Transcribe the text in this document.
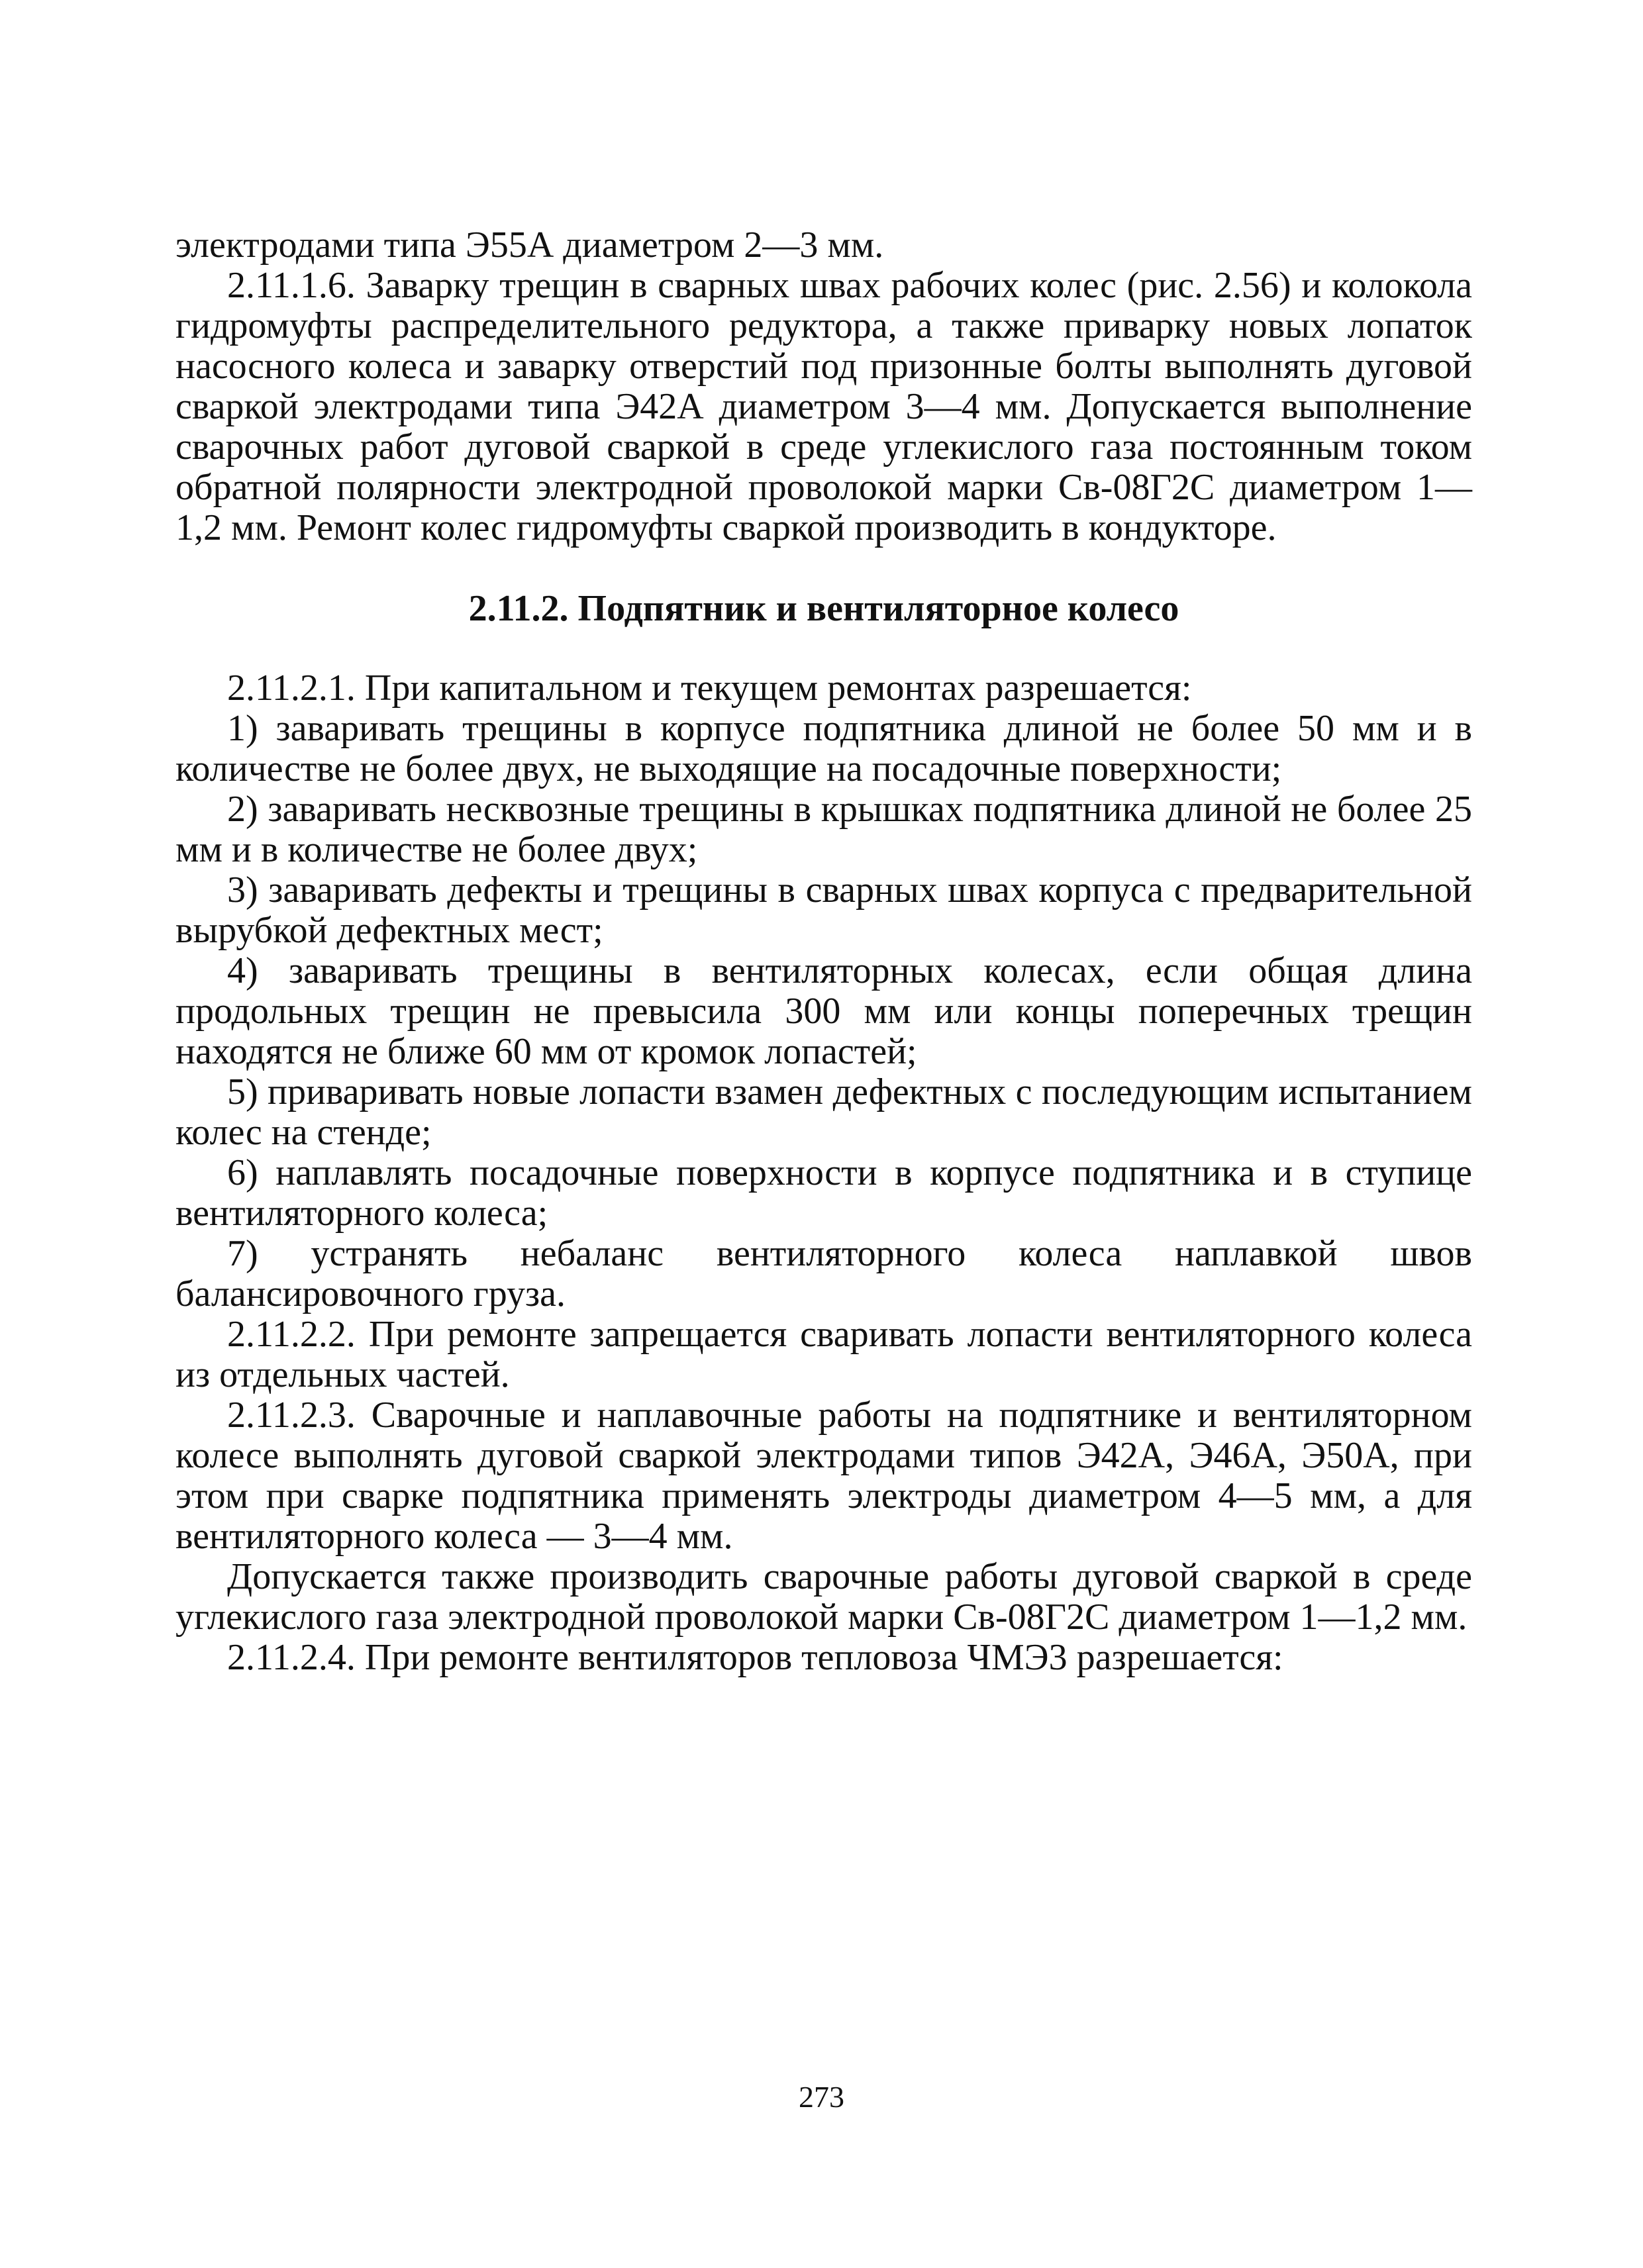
электродами типа Э55А диаметром 2—3 мм.

2.11.1.6. Заварку трещин в сварных швах рабочих колес (рис. 2.56) и колокола гидромуфты распределительного редуктора, а также приварку новых лопаток насосного колеса и заварку отверстий под призонные болты выполнять дуговой сваркой электродами типа Э42А диаметром 3—4 мм. Допускается выполнение сварочных работ дуговой сваркой в среде углекислого газа постоянным током обратной полярности электродной проволокой марки Св-08Г2С диаметром 1—1,2 мм. Ремонт колес гидромуфты сваркой производить в кондукторе.

2.11.2. Подпятник и вентиляторное колесо

2.11.2.1. При капитальном и текущем ремонтах разрешается:

1) заваривать трещины в корпусе подпятника длиной не более 50 мм и в количестве не более двух, не выходящие на посадочные поверхности;

2) заваривать несквозные трещины в крышках подпятника длиной не более 25 мм и в количестве не более двух;

3) заваривать дефекты и трещины в сварных швах корпуса с предварительной вырубкой дефектных мест;

4) заваривать трещины в вентиляторных колесах, если общая длина продольных трещин не превысила 300 мм или концы поперечных трещин находятся не ближе 60 мм от кромок лопастей;

5) приваривать новые лопасти взамен дефектных с последующим испытанием колес на стенде;

6) наплавлять посадочные поверхности в корпусе подпятника и в ступице вентиляторного колеса;

7) устранять небаланс вентиляторного колеса наплавкой швов балансировочного груза.

2.11.2.2. При ремонте запрещается сваривать лопасти вентиляторного колеса из отдельных частей.

2.11.2.3. Сварочные и наплавочные работы на подпятнике и вентиляторном колесе выполнять дуговой сваркой электродами типов Э42А, Э46А, Э50А, при этом при сварке подпятника применять электроды диаметром 4—5 мм, а для вентиляторного колеса — 3—4 мм.

Допускается также производить сварочные работы дуговой сваркой в среде углекислого газа электродной проволокой марки Св-08Г2С диаметром 1—1,2 мм.

2.11.2.4. При ремонте вентиляторов тепловоза ЧМЭ3 разрешается:

273
